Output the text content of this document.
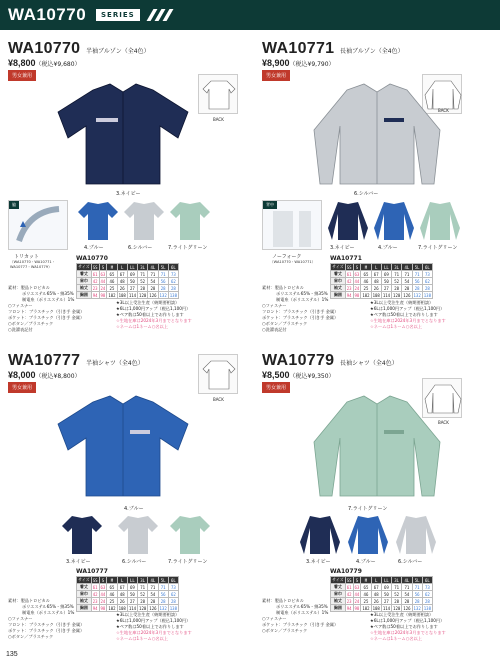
WA10770	SERIES
WA10770 半袖ブルゾン（全4色）
¥8,800（税込¥9,680）
男女兼用
BACK
3.ネイビー
脇
トリカット
（WA10770・WA10771・
WA10777・WA10779）
4.ブルー	6.シルバー	7.ライトグリーン
WA10770
サイズ	SS	S	M	L	LL	3L	4L	5L	6L
着丈	61	63	65	67	69	71	71	71	73
肩巾	42	44	46	48	50	52	54	56	62
袖丈	23	24	25	26	27	28	28	28	28
胸囲	94	98	102	108	114	120	126	132	138
素材：製品トロピカル
ポリエステル65%・綿35%
制電糸（ポリエステル）1%
○ファスナー
フロント：プラスチック（引き手 金属）
ポケット：プラスチック（引き手 金属）
○ボタン／プラスチック
○洗濯表記付
★3L以上受注生産（納期要相談）
★6Lは1,000円アップ（税込1,100円）
★ペア数は50着以上でお作りします
☆生地在庫は2024年3月までとなります
☆ネームは1ネーム○名以上
WA10771 長袖ブルゾン（全4色）
¥8,900（税込¥9,790）
男女兼用
BACK
6.シルバー
背中
ノーフォーク
（WA10770・WA10771）
3.ネイビー	4.ブルー	7.ライトグリーン
WA10771
サイズ	SS	S	M	L	LL	3L	4L	5L	6L
着丈	61	63	65	67	69	71	71	71	73
肩巾	42	44	46	48	50	52	54	56	62
袖丈	23	24	25	26	27	28	28	28	28
胸囲	94	98	102	108	114	120	126	132	138
素材：製品トロピカル
ポリエステル65%・綿35%
制電糸（ポリエステル）1%
○ファスナー
フロント：プラスチック（引き手 金属）
ポケット：プラスチック（引き手 金属）
○ボタン／プラスチック
○洗濯表記付
★3L以上受注生産（納期要相談）
★6Lは1,000円アップ（税込1,100円）
★ペア数は50着以上でお作りします
☆生地在庫は2024年3月までとなります
☆ネームは1ネーム○名以上
WA10777 半袖シャツ（全4色）
¥8,000（税込¥8,800）
男女兼用
BACK
4.ブルー
3.ネイビー	6.シルバー	7.ライトグリーン
WA10777
サイズ	SS	S	M	L	LL	3L	4L	5L	6L
着丈	61	63	65	67	69	71	71	71	73
肩巾	42	44	46	48	50	52	54	56	62
袖丈	23	24	25	26	27	28	28	28	28
胸囲	94	98	102	108	114	120	126	132	138
素材：製品トロピカル
ポリエステル65%・綿35%
制電糸（ポリエステル）1%
○ファスナー
フロント：プラスチック（引き手 金属）
ポケット：プラスチック（引き手 金属）
○ボタン／プラスチック
★3L以上受注生産（納期要相談）
★6Lは1,000円アップ（税込1,100円）
★ペア数は50着以上でお作りします
☆生地在庫は2024年3月までとなります
☆ネームは1ネーム○名以上
WA10779 長袖シャツ（全4色）
¥8,500（税込¥9,350）
男女兼用
BACK
7.ライトグリーン
3.ネイビー	4.ブルー	6.シルバー
WA10779
サイズ	SS	S	M	L	LL	3L	4L	5L	6L
着丈	61	63	65	67	69	71	71	71	73
肩巾	42	44	46	48	50	52	54	56	62
袖丈	23	24	25	26	27	28	28	28	28
胸囲	94	98	102	108	114	120	126	132	138
素材：製品トロピカル
ポリエステル65%・綿35%
制電糸（ポリエステル）1%
○ファスナー
ポケット：プラスチック（引き手 金属）
○ボタン／プラスチック
★3L以上受注生産（納期要相談）
★6Lは1,000円アップ（税込1,100円）
★ペア数は50着以上でお作りします
☆生地在庫は2024年3月までとなります
☆ネームは1ネーム○名以上
135
